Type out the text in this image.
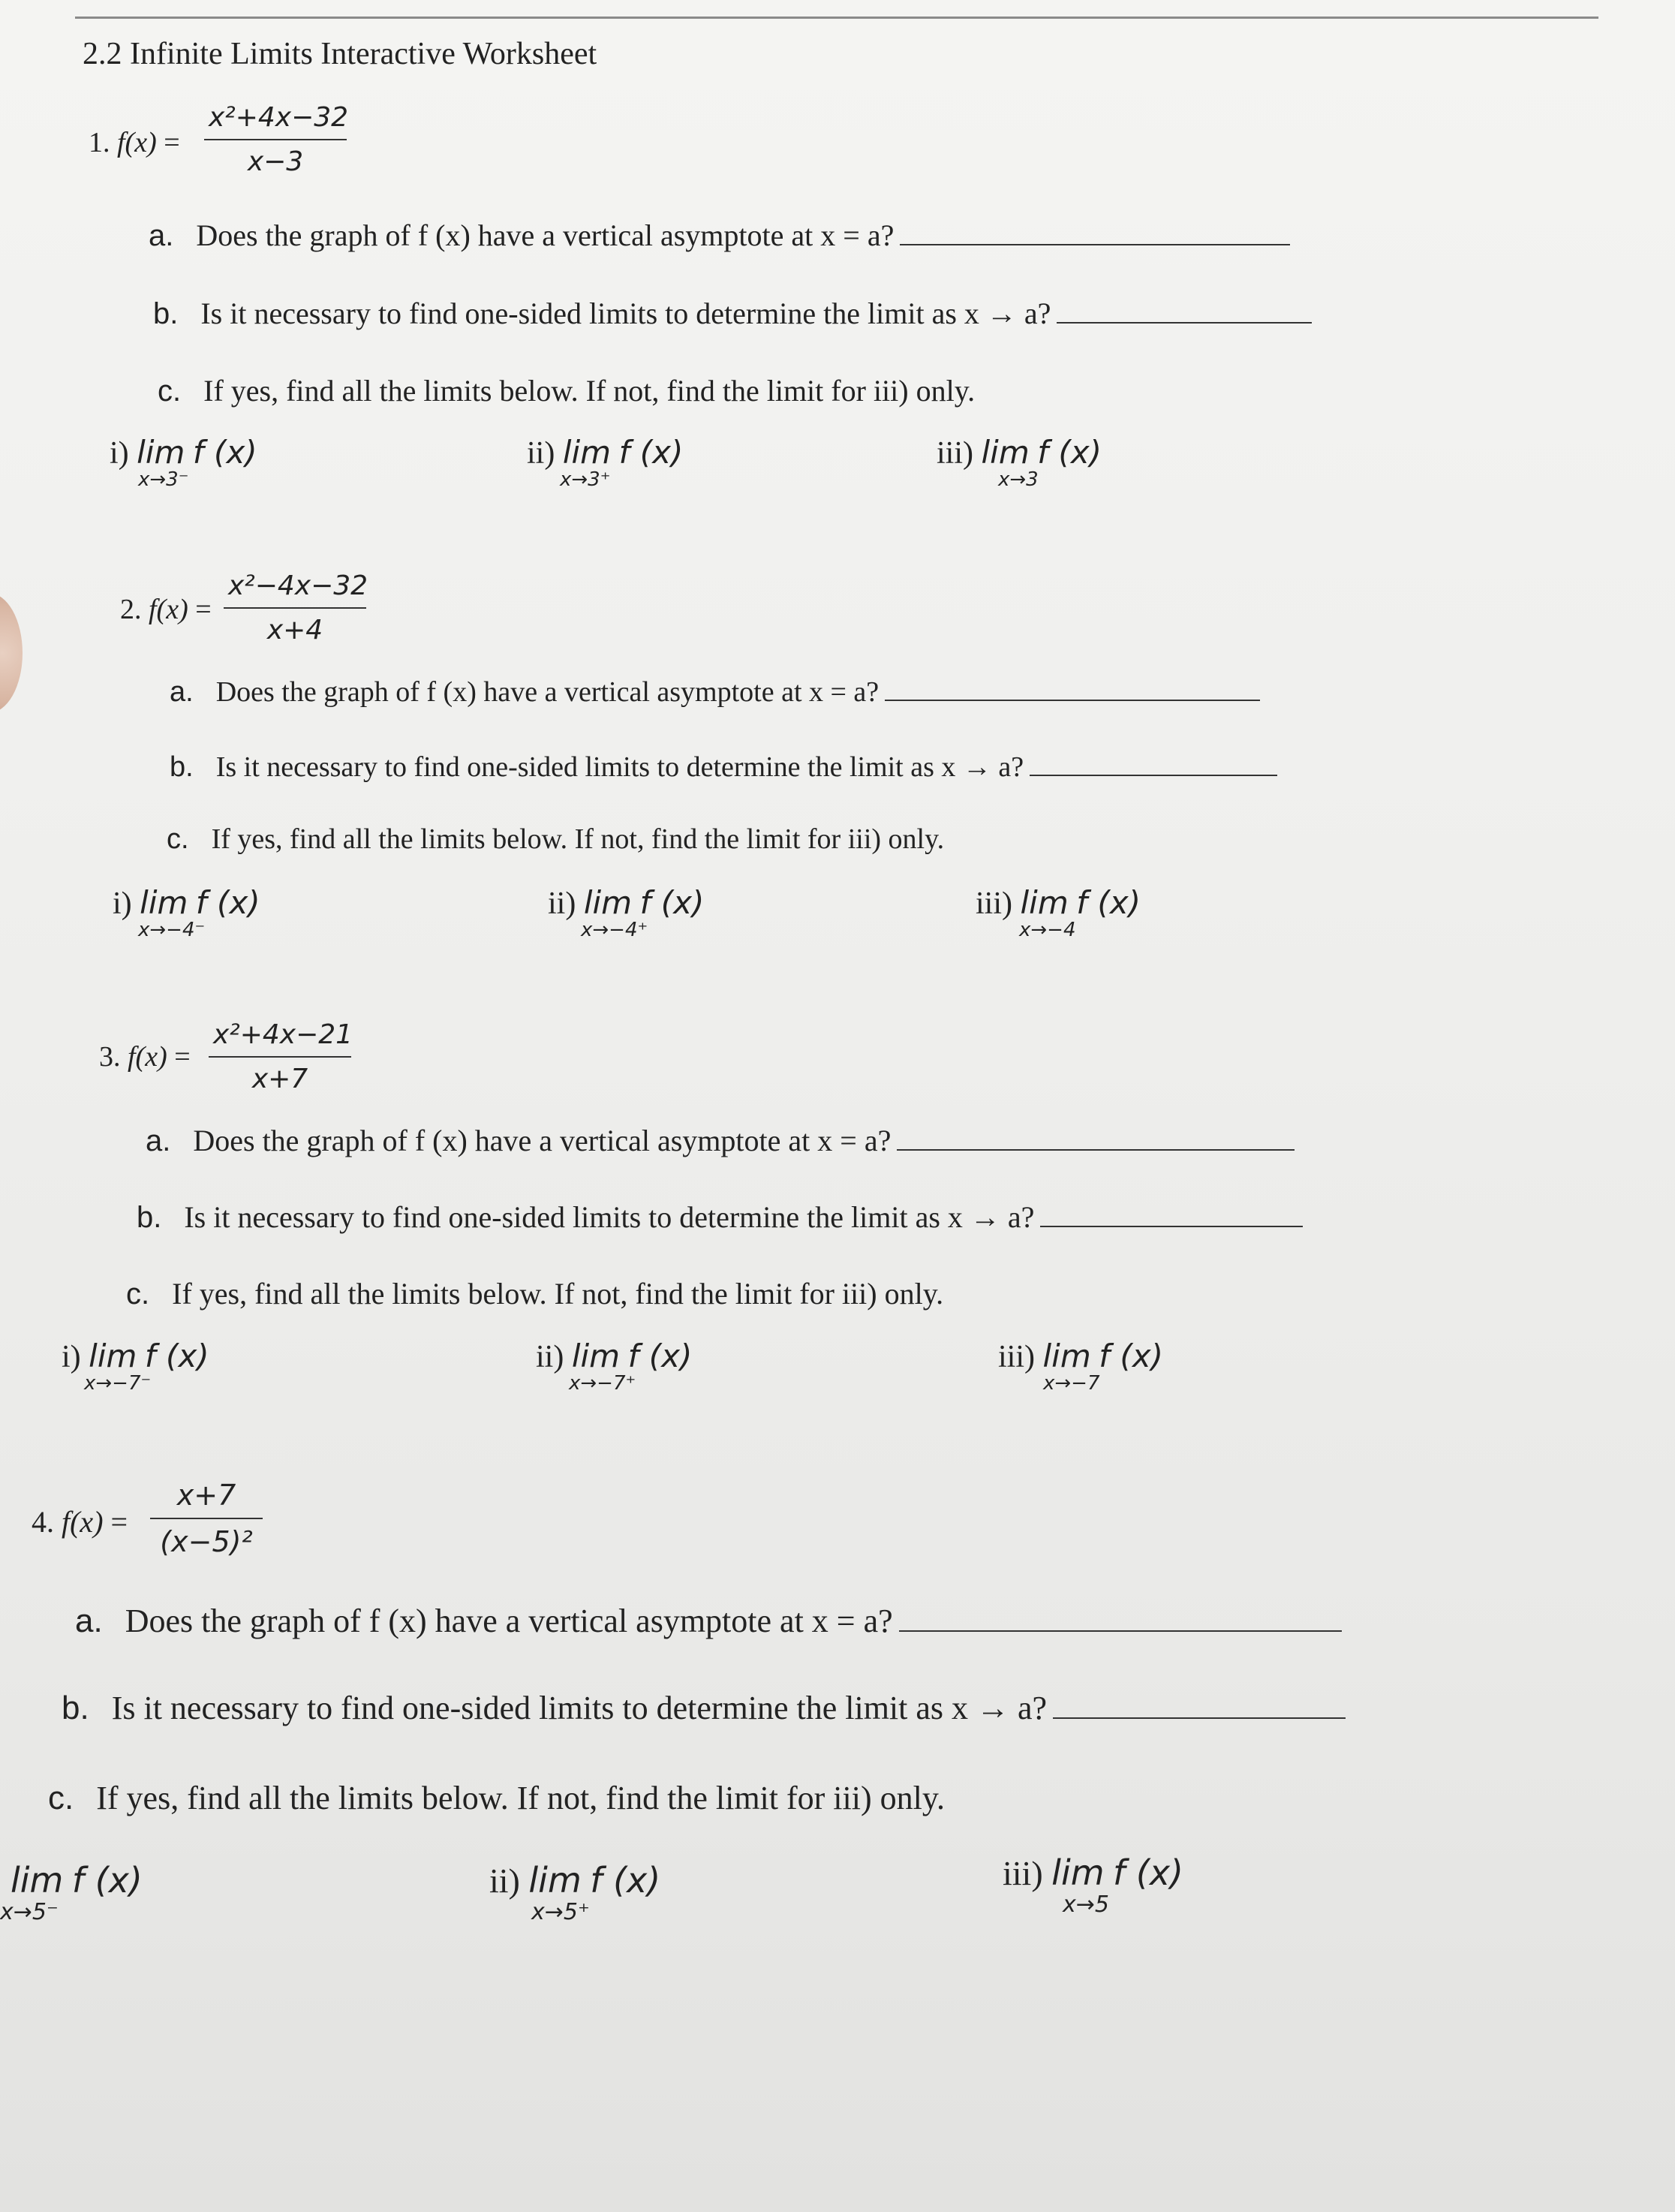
2.2 Infinite Limits Interactive Worksheet
1. f(x) =
x²+4x−32
x−3
a. Does the graph of f (x) have a vertical asymptote at x = a?
b. Is it necessary to find one-sided limits to determine the limit as x → a?
c. If yes, find all the limits below. If not, find the limit for iii) only.
i) lim f (x)
x→3⁻
ii) lim f (x)
x→3⁺
iii) lim f (x)
x→3
2. f(x) =
x²−4x−32
x+4
a. Does the graph of f (x) have a vertical asymptote at x = a?
b. Is it necessary to find one-sided limits to determine the limit as x → a?
c. If yes, find all the limits below. If not, find the limit for iii) only.
i) lim f (x)
x→−4⁻
ii) lim f (x)
x→−4⁺
iii) lim f (x)
x→−4
3. f(x) =
x²+4x−21
x+7
a. Does the graph of f (x) have a vertical asymptote at x = a?
b. Is it necessary to find one-sided limits to determine the limit as x → a?
c. If yes, find all the limits below. If not, find the limit for iii) only.
i) lim f (x)
x→−7⁻
ii) lim f (x)
x→−7⁺
iii) lim f (x)
x→−7
4. f(x) =
x+7
(x−5)²
a. Does the graph of f (x) have a vertical asymptote at x = a?
b. Is it necessary to find one-sided limits to determine the limit as x → a?
c. If yes, find all the limits below. If not, find the limit for iii) only.
lim f (x)
x→5⁻
ii) lim f (x)
x→5⁺
iii) lim f (x)
x→5
